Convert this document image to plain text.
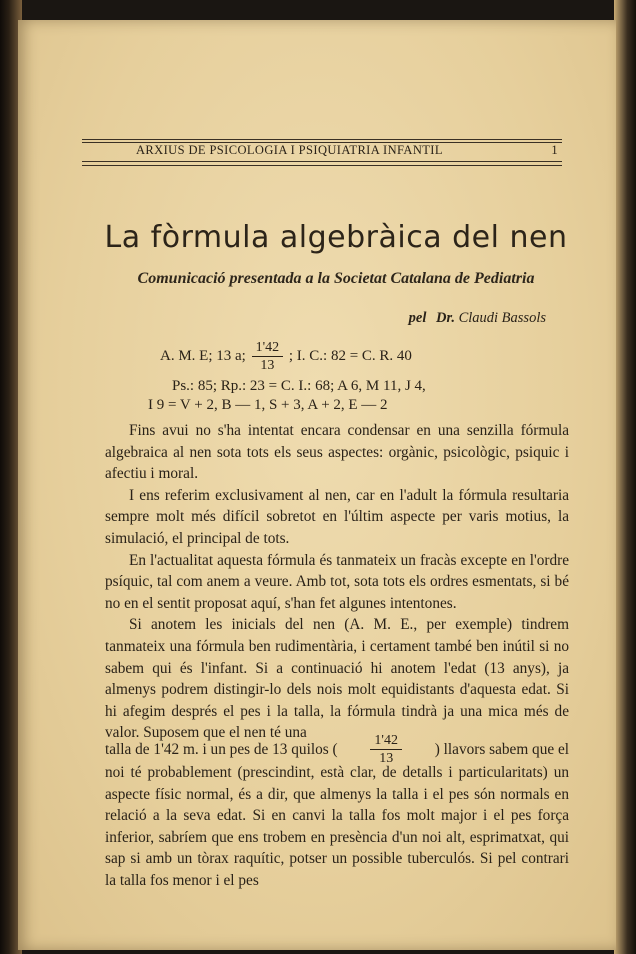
ARXIUS DE PSICOLOGIA I PSIQUIATRIA INFANTIL	1
La fòrmula algebràica del nen
Comunicació presentada a la Societat Catalana de Pediatria
pel Dr. Claudi Bassols
A. M. E; 13 a; $\frac{1'42}{13}$ ; I. C.: 82 = C. R. 40
Ps.: 85; Rp.: 23 = C. I.: 68; A 6, M 11, J 4,
I 9 = V + 2, B — 1, S + 3, A + 2, E — 2

Fins avui no s'ha intentat encara condensar en una senzilla fórmula algebraica al nen sota tots els seus aspectes: orgànic, psicològic, psiquic i afectiu i moral.

I ens referim exclusivament al nen, car en l'adult la fórmula resultaria sempre molt més difícil sobretot en l'últim aspecte per varis motius, la simulació, el principal de tots.

En l'actualitat aquesta fórmula és tanmateix un fracàs excepte en l'ordre psíquic, tal com anem a veure. Amb tot, sota tots els ordres esmentats, si bé no en el sentit proposat aquí, s'han fet algunes intentones.

Si anotem les inicials del nen (A. M. E., per exemple) tindrem tanmateix una fórmula ben rudimentària, i certament també ben inútil si no sabem qui és l'infant. Si a continuació hi anotem l'edat (13 anys), ja almenys podrem distingir-lo dels nois molt equidistants d'aquesta edat. Si hi afegim després el pes i la talla, la fórmula tindrà ja una mica més de valor. Suposem que el nen té una

talla de 1'42 m. i un pes de 13 quilos ( $\frac{1'42}{13}$ ) llavors sabem que el

noi té probablement (prescindint, està clar, de detalls i particularitats) un aspecte físic normal, és a dir, que almenys la talla i el pes són normals en relació a la seva edat. Si en canvi la talla fos molt major i el pes força inferior, sabríem que ens trobem en presència d'un noi alt, esprimatxat, qui sap si amb un tòrax raquític, potser un possible tuberculós. Si pel contrari la talla fos menor i el pes
